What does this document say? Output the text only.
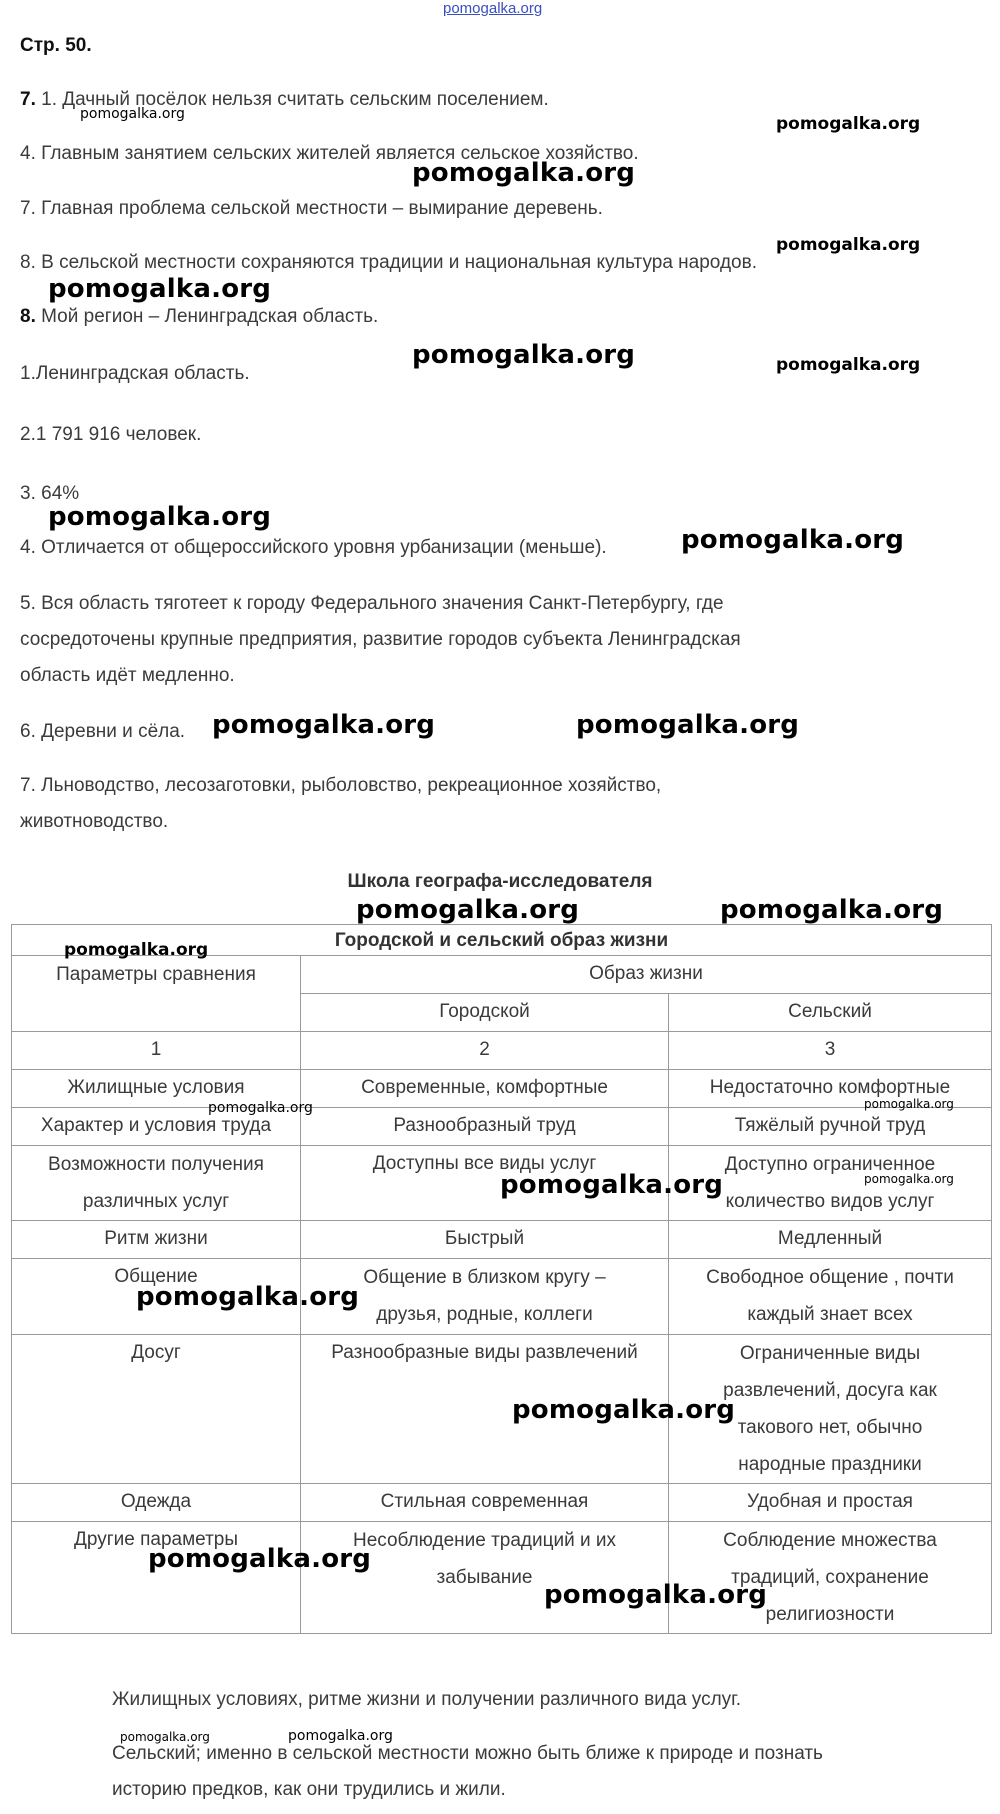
pomogalka.org
Стр. 50.
7. 1. Дачный посёлок нельзя считать сельским поселением.
4. Главным занятием сельских жителей является сельское хозяйство.
7. Главная проблема сельской местности – вымирание деревень.
8. В сельской местности сохраняются традиции и национальная культура народов.
8. Мой регион – Ленинградская область.
1.Ленинградская область.
2.1 791 916 человек.
3. 64%
4. Отличается от общероссийского уровня урбанизации (меньше).
5. Вся область тяготеет к городу Федерального значения Санкт-Петербургу, где
сосредоточены крупные предприятия, развитие городов субъекта Ленинградская
область идёт медленно.
6. Деревни и сёла.
7. Льноводство, лесозаготовки, рыболовство, рекреационное хозяйство,
животноводство.
Школа географа-исследователя
Городской и сельский образ жизни		
Параметры сравнения	Образ жизни	
	Городской	Сельский
1	2	3
Жилищные условия	Современные, комфортные	Недостаточно комфортные
Характер и условия труда	Разнообразный труд	Тяжёлый ручной труд
Возможности получения различных услуг	Доступны все виды услуг	Доступно ограниченное количество видов услуг
Ритм жизни	Быстрый	Медленный
Общение	Общение в близком кругу – друзья, родные, коллеги	Свободное общение , почти каждый знает всех
Досуг	Разнообразные виды развлечений	Ограниченные виды развлечений, досуга как такового нет, обычно народные праздники
Одежда	Стильная современная	Удобная и простая
Другие параметры	Несоблюдение традиций и их забывание	Соблюдение множества традиций, сохранение религиозности
Жилищных условиях, ритме жизни и получении различного вида услуг.
Сельский; именно в сельской местности можно быть ближе к природе и познать
историю предков, как они трудились и жили.
pomogalka.org	pomogalka.org
pomogalka.org
pomogalka.org
pomogalka.org
pomogalka.org	pomogalka.org
pomogalka.org
pomogalka.org
pomogalka.org	pomogalka.org
pomogalka.org	pomogalka.org
pomogalka.org
pomogalka.org	pomogalka.org
pomogalka.org	pomogalka.org
pomogalka.org
pomogalka.org
pomogalka.org
pomogalka.org
pomogalka.org	pomogalka.org
